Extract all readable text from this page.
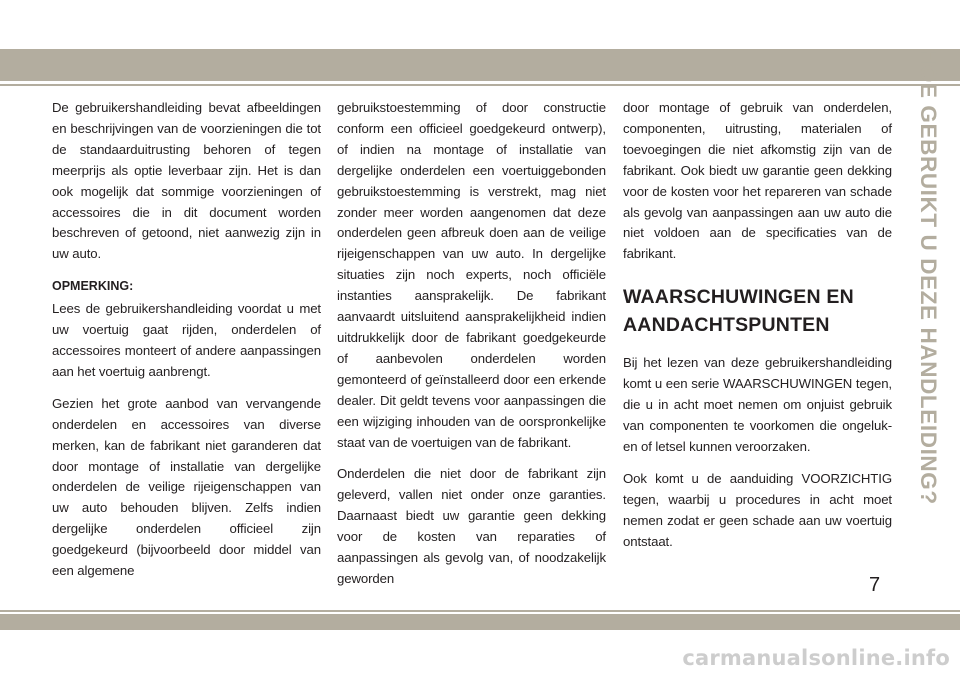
De gebruikershandleiding bevat afbeeldingen en beschrijvingen van de voorzieningen die tot de standaarduitrusting behoren of tegen meerprijs als optie leverbaar zijn. Het is dan ook mogelijk dat sommige voorzieningen of accessoires die in dit document worden beschreven of getoond, niet aanwezig zijn in uw auto.

OPMERKING:

Lees de gebruikershandleiding voordat u met uw voertuig gaat rijden, onderdelen of accessoires monteert of andere aanpassingen aan het voertuig aanbrengt.

Gezien het grote aanbod van vervangende onderdelen en accessoires van diverse merken, kan de fabrikant niet garanderen dat door montage of installatie van dergelijke onderdelen de veilige rijeigenschappen van uw auto behouden blijven. Zelfs indien dergelijke onderdelen officieel zijn goedgekeurd (bijvoorbeeld door middel van een algemene

gebruikstoestemming of door constructie conform een officieel goedgekeurd ontwerp), of indien na montage of installatie van dergelijke onderdelen een voertuiggebonden gebruikstoestemming is verstrekt, mag niet zonder meer worden aangenomen dat deze onderdelen geen afbreuk doen aan de veilige rijeigenschappen van uw auto. In dergelijke situaties zijn noch experts, noch officiële instanties aansprakelijk. De fabrikant aanvaardt uitsluitend aansprakelijkheid indien uitdrukkelijk door de fabrikant goedgekeurde of aanbevolen onderdelen worden gemonteerd of geïnstalleerd door een erkende dealer. Dit geldt tevens voor aanpassingen die een wijziging inhouden van de oorspronkelijke staat van de voertuigen van de fabrikant.

Onderdelen die niet door de fabrikant zijn geleverd, vallen niet onder onze garanties. Daarnaast biedt uw garantie geen dekking voor de kosten van reparaties of aanpassingen als gevolg van, of noodzakelijk geworden

door montage of gebruik van onderdelen, componenten, uitrusting, materialen of toevoegingen die niet afkomstig zijn van de fabrikant. Ook biedt uw garantie geen dekking voor de kosten voor het repareren van schade als gevolg van aanpassingen aan uw auto die niet voldoen aan de specificaties van de fabrikant.

WAARSCHUWINGEN EN AANDACHTSPUNTEN

Bij het lezen van deze gebruikershandleiding komt u een serie WAARSCHUWINGEN tegen, die u in acht moet nemen om onjuist gebruik van componenten te voorkomen die ongeluk- en of letsel kunnen veroorzaken.

Ook komt u de aanduiding VOORZICHTIG tegen, waarbij u procedures in acht moet nemen zodat er geen schade aan uw voertuig ontstaat.

HOE GEBRUIKT U DEZE HANDLEIDING?
7
carmanualsonline.info
